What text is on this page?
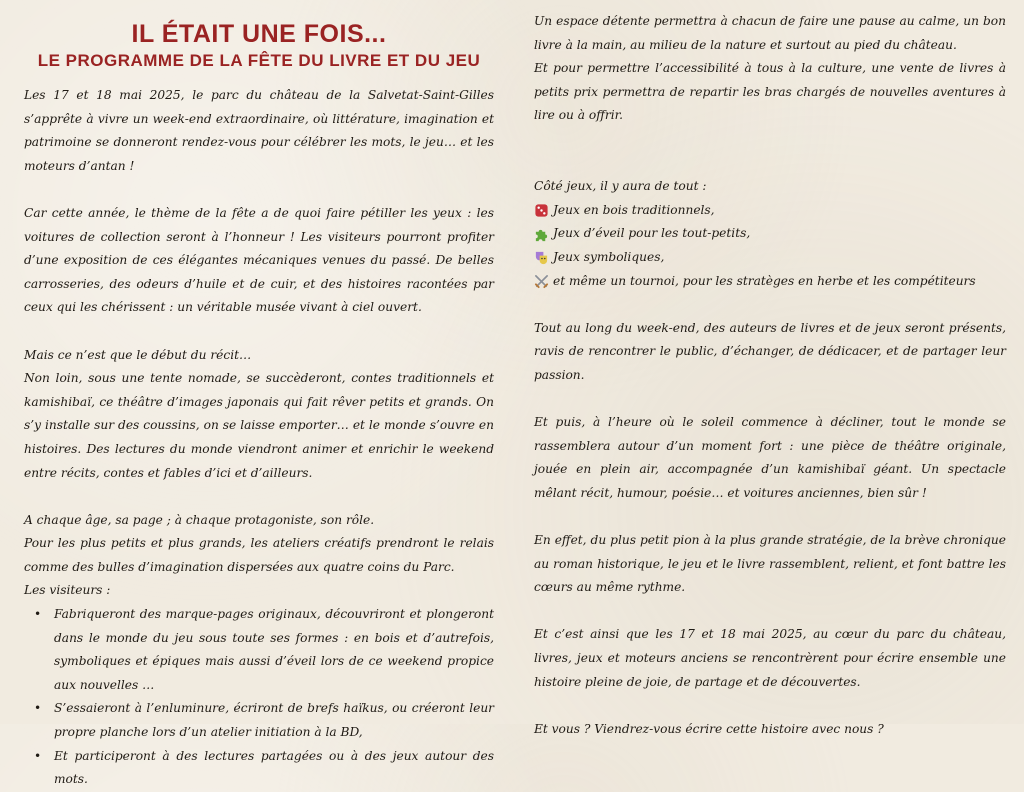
IL ÉTAIT UNE FOIS...
LE PROGRAMME DE LA FÊTE DU LIVRE ET DU JEU

Les 17 et 18 mai 2025, le parc du château de la Salvetat-Saint-Gilles s’apprête à vivre un week-end extraordinaire, où littérature, imagination et patrimoine se donneront rendez-vous pour célébrer les mots, le jeu… et les moteurs d’antan !

Car cette année, le thème de la fête a de quoi faire pétiller les yeux : les voitures de collection seront à l’honneur ! Les visiteurs pourront profiter d’une exposition de ces élégantes mécaniques venues du passé. De belles carrosseries, des odeurs d’huile et de cuir, et des histoires racontées par ceux qui les chérissent : un véritable musée vivant à ciel ouvert.

Mais ce n’est que le début du récit…

Non loin, sous une tente nomade, se succèderont, contes traditionnels et kamishibaï, ce théâtre d’images japonais qui fait rêver petits et grands. On s’y installe sur des coussins, on se laisse emporter… et le monde s’ouvre en histoires. Des lectures du monde viendront animer et enrichir le weekend entre récits, contes et fables d’ici et d’ailleurs.

A chaque âge, sa page ; à chaque protagoniste, son rôle.

Pour les plus petits et plus grands, les ateliers créatifs prendront le relais comme des bulles d’imagination dispersées aux quatre coins du Parc.

Les visiteurs :

• Fabriqueront des marque-pages originaux, découvriront et plongeront dans le monde du jeu sous toute ses formes : en bois et d’autrefois, symboliques et épiques mais aussi d’éveil lors de ce weekend propice aux nouvelles …
• S’essaieront à l’enluminure, écriront de brefs haïkus, ou créeront leur propre planche lors d’un atelier initiation à la BD,
• Et participeront à des lectures partagées ou à des jeux autour des mots.

Un espace détente permettra à chacun de faire une pause au calme, un bon livre à la main, au milieu de la nature et surtout au pied du château.

Et pour permettre l’accessibilité à tous à la culture, une vente de livres à petits prix permettra de repartir les bras chargés de nouvelles aventures à lire ou à offrir.

Côté jeux, il y aura de tout :

Jeux en bois traditionnels,
Jeux d’éveil pour les tout-petits,
Jeux symboliques,
et même un tournoi, pour les stratèges en herbe et les compétiteurs

Tout au long du week-end, des auteurs de livres et de jeux seront présents, ravis de rencontrer le public, d’échanger, de dédicacer, et de partager leur passion.

Et puis, à l’heure où le soleil commence à décliner, tout le monde se rassemblera autour d’un moment fort : une pièce de théâtre originale, jouée en plein air, accompagnée d’un kamishibaï géant. Un spectacle mêlant récit, humour, poésie… et voitures anciennes, bien sûr !

En effet, du plus petit pion à la plus grande stratégie, de la brève chronique au roman historique, le jeu et le livre rassemblent, relient, et font battre les cœurs au même rythme.

Et c’est ainsi que les 17 et 18 mai 2025, au cœur du parc du château, livres, jeux et moteurs anciens se rencontrèrent pour écrire ensemble une histoire pleine de joie, de partage et de découvertes.

Et vous ? Viendrez-vous écrire cette histoire avec nous ?
